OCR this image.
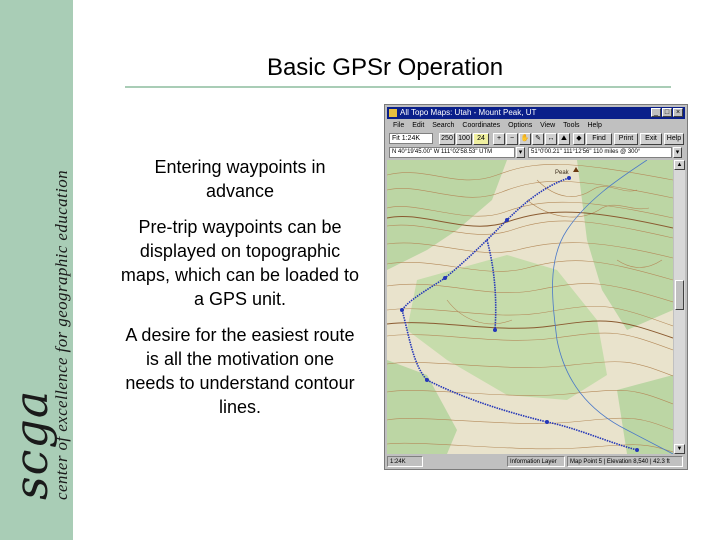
scga
center of excellence for geographic education
Basic GPSr Operation

Entering waypoints in advance

Pre-trip waypoints can be displayed on topographic maps, which can be loaded to a GPS unit.

A desire for the easiest route is all the motivation one needs to understand contour lines.

All Topo Maps: Utah - Mount Peak, UT	_ □ ×
File Edit Search Coordinates Options View Tools Help
Fit 1:24K	250 100	24	+	− ✋ ✎ ↔ ⛰	◆	Find	Print	Exit	Help
N 40°19'45.00" W 111°02'58.53" UTM	▾	51°0'00.21" 111°12'56" 110 miles @ 300°	▾
Peak
▲
▼
1:24K	Information Layer	Map Point 5 | Elevation 8,540 | 42.3 ft
